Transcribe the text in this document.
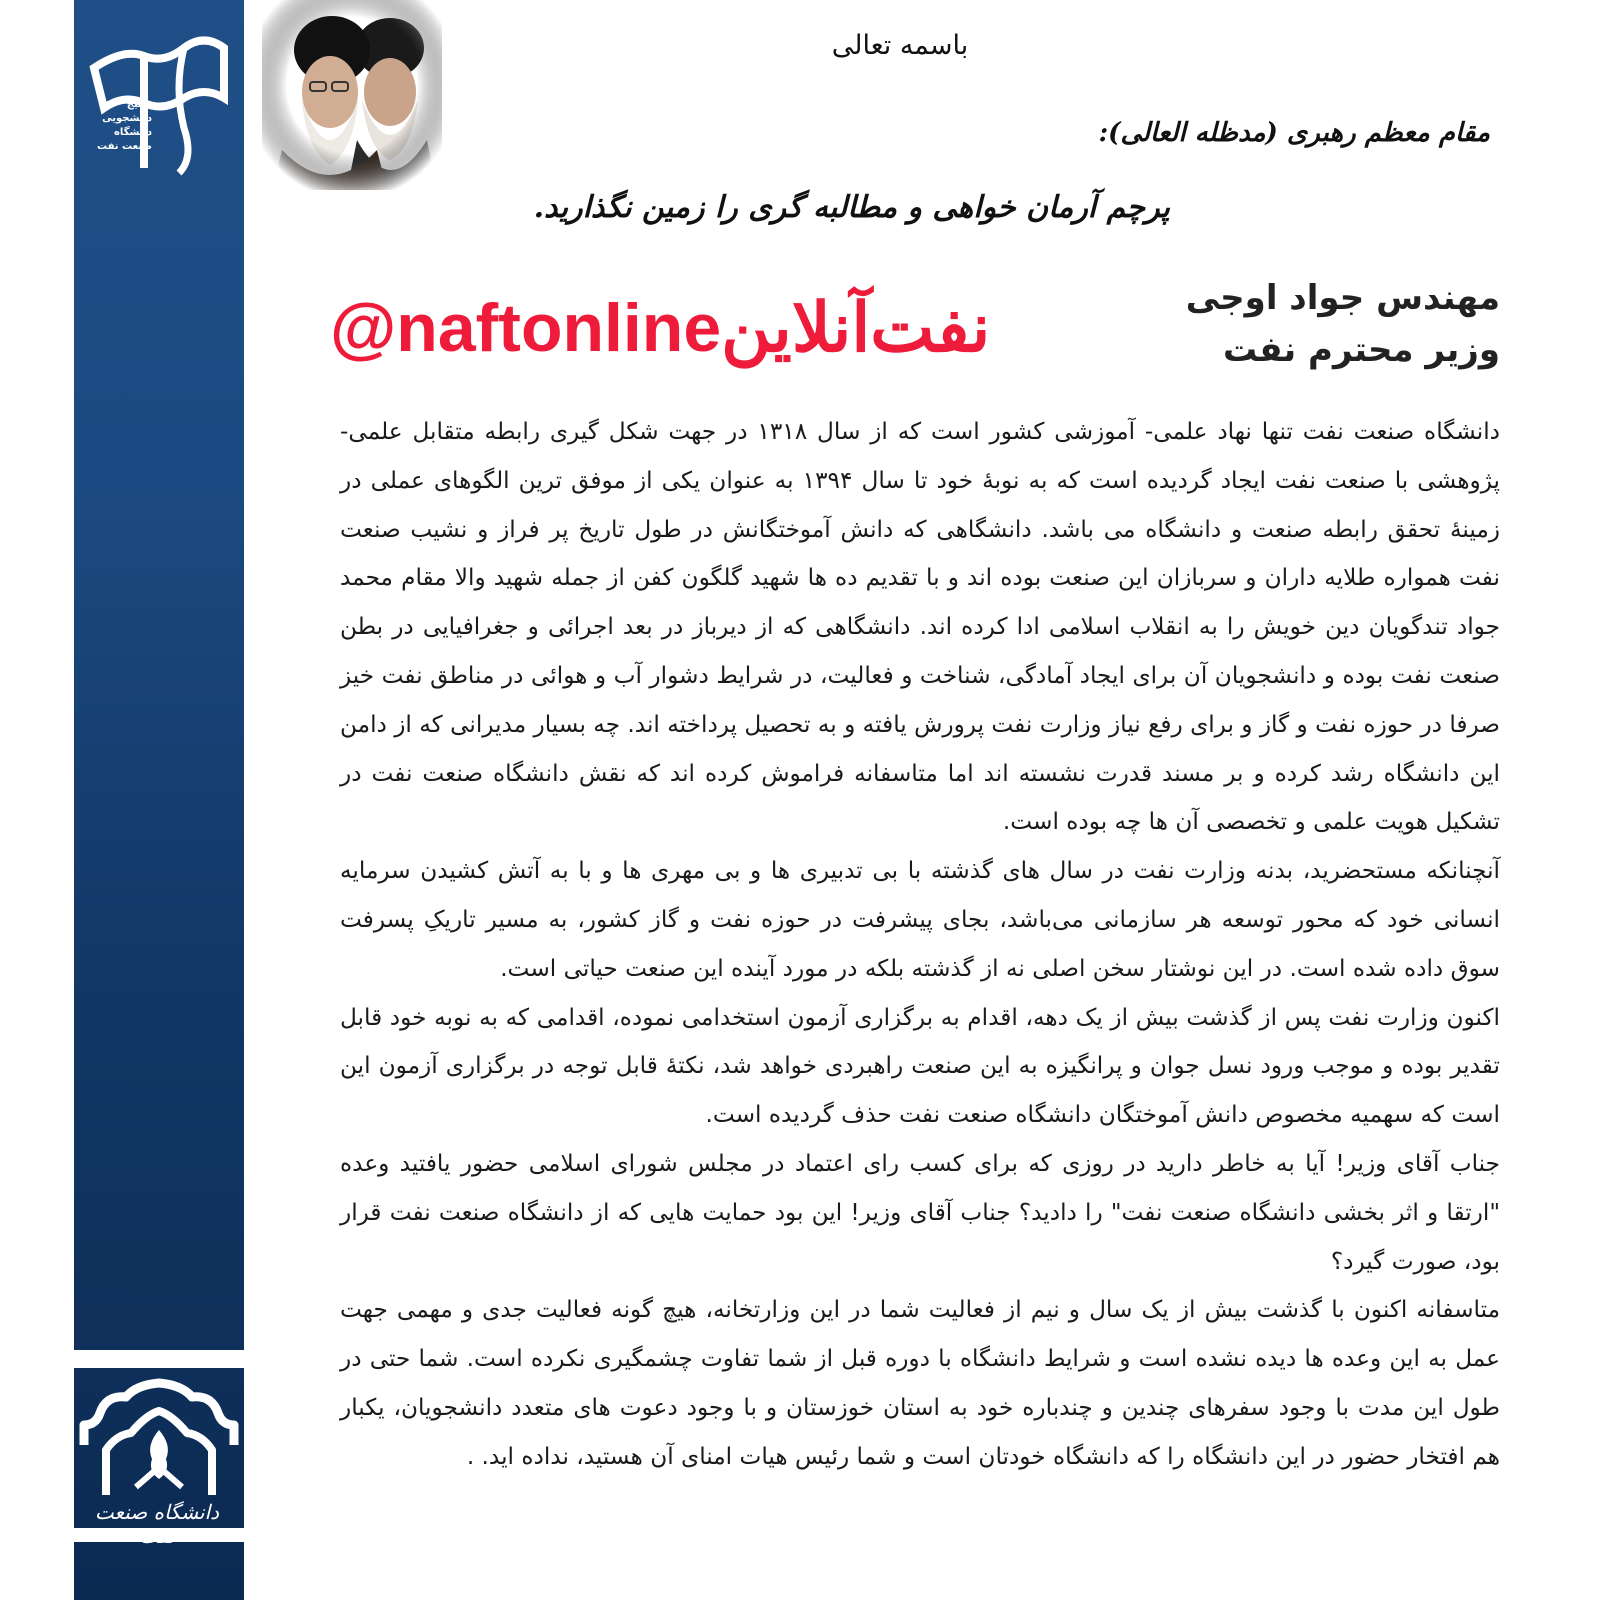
بسیج دانشجویی دانشگاه صنعت نفت
باسمه تعالی
مقام معظم رهبری (مدظله العالی):
پرچم آرمان خواهی و مطالبه گری را زمین نگذارید.
مهندس جواد اوجی
وزیر محترم نفت
@naftonlineنفت‌آنلاین

دانشگاه صنعت نفت تنها نهاد علمی- آموزشی کشور است که از سال ۱۳۱۸ در جهت شکل گیری رابطه متقابل علمی- پژوهشی با صنعت نفت ایجاد گردیده است که به نوبهٔ خود تا سال ۱۳۹۴ به عنوان یکی از موفق ترین الگوهای عملی در زمینهٔ تحقق رابطه صنعت و دانشگاه می باشد. دانشگاهی که دانش آموختگانش در طول تاریخ پر فراز و نشیب صنعت نفت همواره طلایه داران و سربازان این صنعت بوده اند و با تقدیم ده ها شهید گلگون کفن از جمله شهید والا مقام محمد جواد تندگویان دین خویش را به انقلاب اسلامی ادا کرده اند. دانشگاهی که از دیرباز در بعد اجرائی و جغرافیایی در بطن صنعت نفت بوده و دانشجویان آن برای ایجاد آمادگی، شناخت و فعالیت، در شرایط دشوار آب و هوائی در مناطق نفت خیز صرفا در حوزه نفت و گاز و برای رفع نیاز وزارت نفت پرورش یافته و به تحصیل پرداخته اند. چه بسیار مدیرانی که از دامن این دانشگاه رشد کرده و بر مسند قدرت نشسته اند اما متاسفانه فراموش کرده اند که نقش دانشگاه صنعت نفت در تشکیل هویت علمی و تخصصی آن ها چه بوده است.

آنچنانکه مستحضرید، بدنه وزارت نفت در سال های گذشته با بی تدبیری ها و بی مهری ها و با به آتش کشیدن سرمایه انسانی خود که محور توسعه هر سازمانی می‌باشد، بجای پیشرفت در حوزه نفت و گاز کشور، به مسیر تاریکِ پسرفت سوق داده شده است. در این نوشتار سخن اصلی نه از گذشته بلکه در مورد آینده این صنعت حیاتی است.

اکنون وزارت نفت پس از گذشت بیش از یک دهه، اقدام به برگزاری آزمون استخدامی نموده، اقدامی که به نوبه خود قابل تقدیر بوده و موجب ورود نسل جوان و پرانگیزه به این صنعت راهبردی خواهد شد، نکتهٔ قابل توجه در برگزاری آزمون این است که سهمیه مخصوص دانش آموختگان دانشگاه صنعت نفت حذف گردیده است.

جناب آقای وزیر! آیا به خاطر دارید در روزی که برای کسب رای اعتماد در مجلس شورای اسلامی حضور یافتید وعده "ارتقا و اثر بخشی دانشگاه صنعت نفت" را دادید؟ جناب آقای وزیر! این بود حمایت هایی که از دانشگاه صنعت نفت قرار بود، صورت گیرد؟

متاسفانه اکنون با گذشت بیش از یک سال و نیم از فعالیت شما در این وزارتخانه، هیچ گونه فعالیت جدی و مهمی جهت عمل به این وعده ها دیده نشده است و شرایط دانشگاه با دوره قبل از شما تفاوت چشمگیری نکرده است. شما حتی در طول این مدت با وجود سفرهای چندین و چندباره خود به استان خوزستان و با وجود دعوت های متعدد دانشجویان، یکبار هم افتخار حضور در این دانشگاه را که دانشگاه خودتان است و شما رئیس هیات امنای آن هستید، نداده اید. .

دانشگاه صنعت نفت
